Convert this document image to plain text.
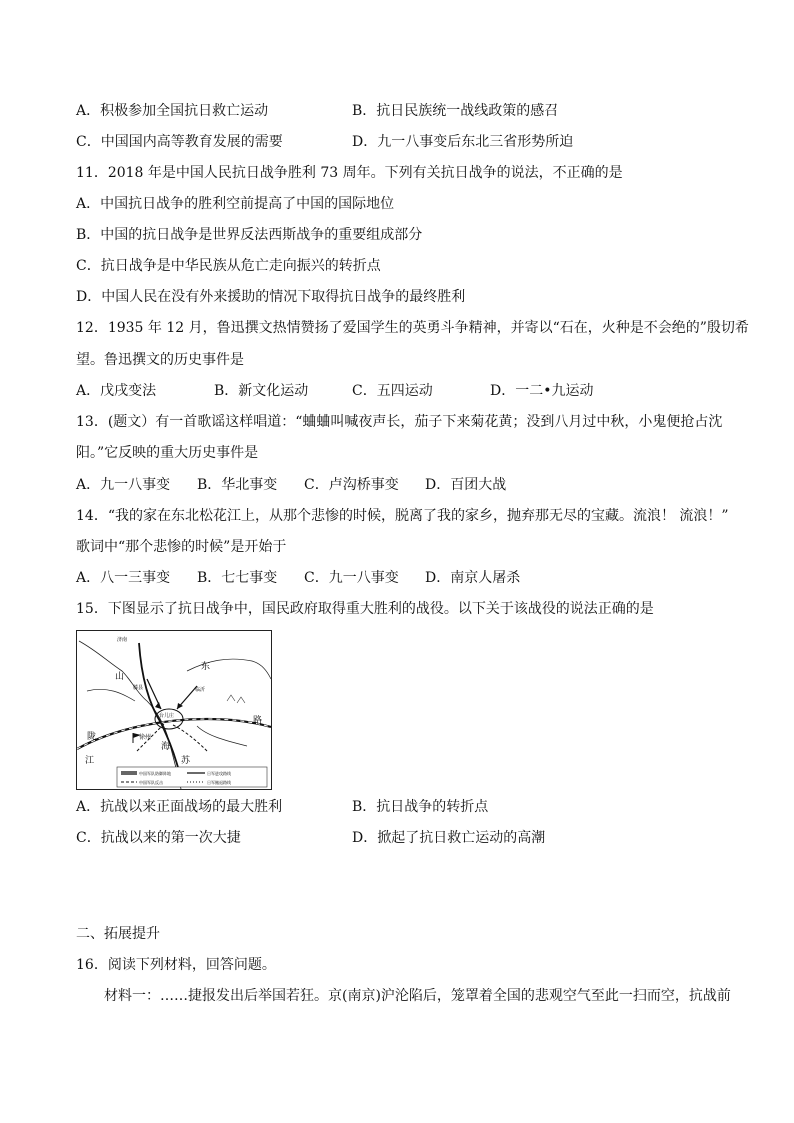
A．积极参加全国抗日救亡运动	B．抗日民族统一战线政策的感召
C．中国国内高等教育发展的需要	D．九一八事变后东北三省形势所迫
11．2018 年是中国人民抗日战争胜利 73 周年。下列有关抗日战争的说法，不正确的是
A．中国抗日战争的胜利空前提高了中国的国际地位
B．中国的抗日战争是世界反法西斯战争的重要组成部分
C．抗日战争是中华民族从危亡走向振兴的转折点
D．中国人民在没有外来援助的情况下取得抗日战争的最终胜利
12．1935 年 12 月，鲁迅撰文热情赞扬了爱国学生的英勇斗争精神，并寄以“石在，火种是不会绝的”殷切希
望。鲁迅撰文的历史事件是
A．戊戌变法	B．新文化运动	C．五四运动	D．一二•九运动
13．(题文）有一首歌谣这样唱道：“蛐蛐叫喊夜声长，茄子下来菊花黄；没到八月过中秋，小鬼便抢占沈
阳。”它反映的重大历史事件是
A．九一八事变 B．华北事变 C．卢沟桥事变 D．百团大战
14．“我的家在东北松花江上，从那个悲惨的时候，脱离了我的家乡，抛弃那无尽的宝藏。流浪！ 流浪！”
歌词中“那个悲惨的时候”是开始于
A．八一三事变 B．七七事变 C．九一八事变 D．南京人屠杀
15．下图显示了抗日战争中，国民政府取得重大胜利的战役。以下关于该战役的说法正确的是
山
东
陇
海
路
江	苏
徐州
台儿庄
临沂
滕县
济南
中国军队防御阵地	日军进攻路线
中国军队反击	日军撤退路线
A．抗战以来正面战场的最大胜利	B．抗日战争的转折点
C．抗战以来的第一次大捷	D．掀起了抗日救亡运动的高潮
二、拓展提升
16．阅读下列材料，回答问题。
材料一：……捷报发出后举国若狂。京(南京)沪沦陷后，笼罩着全国的悲观空气至此一扫而空，抗战前
